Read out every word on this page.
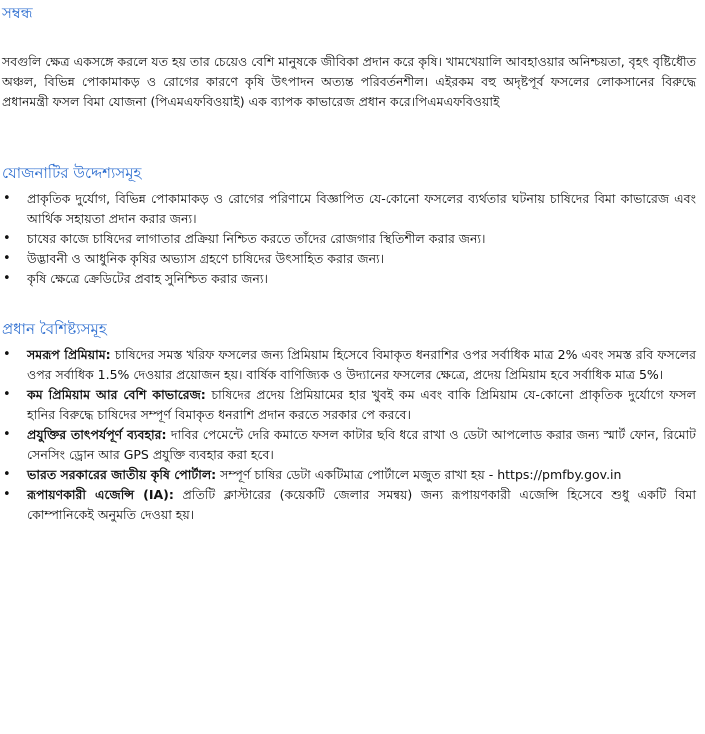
সম্বন্ধ

সবগুলি ক্ষেত্র একসঙ্গে করলে যত হয় তার চেয়েও বেশি মানুষকে জীবিকা প্রদান করে কৃষি। খামখেয়ালি আবহাওয়ার অনিশ্চয়তা, বৃহৎ বৃষ্টিধৌত অঞ্চল, বিভিন্ন পোকামাকড় ও রোগের কারণে কৃষি উৎপাদন অত্যন্ত পরিবর্তনশীল। এইরকম বহু অদৃষ্টপূর্ব ফসলের লোকসানের বিরুদ্ধে প্রধানমন্ত্রী ফসল বিমা যোজনা (পিএমএফবিওয়াই) এক ব্যাপক কাভারেজ প্রধান করে।পিএমএফবিওয়াই

যোজনাটির উদ্দেশ্যসমূহ
• প্রাকৃতিক দুর্যোগ, বিভিন্ন পোকামাকড় ও রোগের পরিণামে বিজ্ঞাপিত যে-কোনো ফসলের ব্যর্থতার ঘটনায় চাষিদের বিমা কাভারেজ এবং আর্থিক সহায়তা প্রদান করার জন্য।
• চাষের কাজে চাষিদের লাগাতার প্রক্রিয়া নিশ্চিত করতে তাঁদের রোজগার স্থিতিশীল করার জন্য।
• উদ্ভাবনী ও আধুনিক কৃষির অভ্যাস গ্রহণে চাষিদের উৎসাহিত করার জন্য।
• কৃষি ক্ষেত্রে ক্রেডিটের প্রবাহ সুনিশ্চিত করার জন্য।
প্রধান বৈশিষ্ট্যসমূহ
• সমরূপ প্রিমিয়াম: চাষিদের সমস্ত খরিফ ফসলের জন্য প্রিমিয়াম হিসেবে বিমাকৃত ধনরাশির ওপর সর্বাধিক মাত্র 2% এবং সমস্ত রবি ফসলের ওপর সর্বাধিক 1.5% দেওয়ার প্রয়োজন হয়। বার্ষিক বাণিজ্যিক ও উদ্যানের ফসলের ক্ষেত্রে, প্রদেয় প্রিমিয়াম হবে সর্বাধিক মাত্র 5%।
• কম প্রিমিয়াম আর বেশি কাভারেজ: চাষিদের প্রদেয় প্রিমিয়ামের হার খুবই কম এবং বাকি প্রিমিয়াম যে-কোনো প্রাকৃতিক দুর্যোগে ফসল হানির বিরুদ্ধে চাষিদের সম্পূর্ণ বিমাকৃত ধনরাশি প্রদান করতে সরকার পে করবে।
• প্রযুক্তির তাৎপর্যপূর্ণ ব্যবহার: দাবির পেমেন্টে দেরি কমাতে ফসল কাটার ছবি ধরে রাখা ও ডেটা আপলোড করার জন্য স্মার্ট ফোন, রিমোট সেনসিং ড্রোন আর GPS প্রযুক্তি ব্যবহার করা হবে।
• ভারত সরকারের জাতীয় কৃষি পোর্টাল: সম্পূর্ণ চাষির ডেটা একটিমাত্র পোর্টালে মজুত রাখা হয় - https://pmfby.gov.in
• রূপায়ণকারী এজেন্সি (IA): প্রতিটি ক্লাস্টারের (কয়েকটি জেলার সমন্বয়) জন্য রূপায়ণকারী এজেন্সি হিসেবে শুধু একটি বিমা কোম্পানিকেই অনুমতি দেওয়া হয়।
